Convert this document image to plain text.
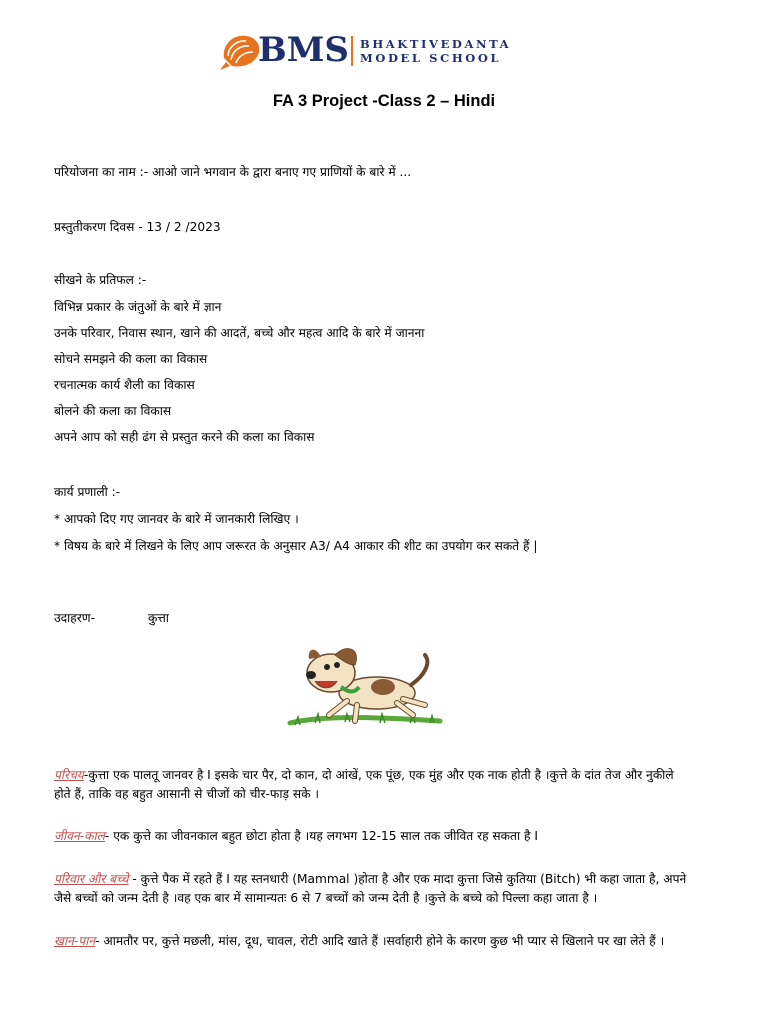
BMS BHAKTIVEDANTA
MODEL SCHOOL
FA 3 Project -Class 2 – Hindi
परियोजना का नाम :- आओ जाने भगवान के द्वारा बनाए गए प्राणियों के बारे में ...
प्रस्तुतीकरण दिवस - 13 / 2 /2023
सीखने के प्रतिफल :-
विभिन्न प्रकार के जंतुओं के बारे में ज्ञान
उनके परिवार, निवास स्थान, खाने की आदतें, बच्चे और महत्व आदि के बारे में जानना
सोचने समझने की कला का विकास
रचनात्मक कार्य शैली का विकास
बोलने की कला का विकास
अपने आप को सही ढंग से प्रस्तुत करने की कला का विकास
कार्य प्रणाली :-
* आपको दिए गए जानवर के बारे में जानकारी लिखिए ।
* विषय के बारे में लिखने के लिए आप जरूरत के अनुसार A3/ A4 आकार की शीट का उपयोग कर सकते हैं |
उदाहरण-	कुत्ता
परिचय-कुत्ता एक पालतू जानवर है I इसके चार पैर, दो कान, दो आंखें, एक पूंछ, एक मुंह और एक नाक होती है ।कुत्ते के दांत तेज और नुकीले होते हैं, ताकि वह बहुत आसानी से चीजों को चीर-फाड़ सके ।
जीवन-काल- एक कुत्ते का जीवनकाल बहुत छोटा होता है ।यह लगभग 12-15 साल तक जीवित रह सकता है I
परिवार और बच्चे - कुत्ते पैक में रहते हैं I यह स्तनधारी (Mammal )होता है और एक मादा कुत्ता जिसे कुतिया (Bitch) भी कहा जाता है, अपने जैसे बच्चों को जन्म देती है ।वह एक बार में सामान्यतः 6 से 7 बच्चों को जन्म देती है ।कुत्ते के बच्चे को पिल्ला कहा जाता है ।
खान-पान- आमतौर पर, कुत्ते मछली, मांस, दूध, चावल, रोटी आदि खाते हैं ।सर्वाहारी होने के कारण कुछ भी प्यार से खिलाने पर खा लेते हैं ।
